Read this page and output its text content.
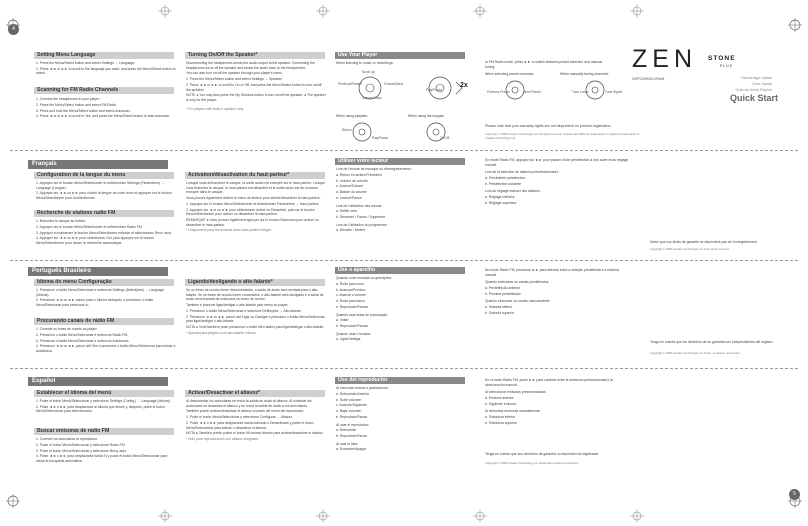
4
5
Setting Menu Language

1. Press the Menu/Select button and select Settings → Language.

2. Press ◄◄ or ►► to scroll to the language you want, and press the Menu/Select button to select.

Scanning for FM Radio Channels

1. Connect the headphones to your player.

2. Press the Menu/Select button and select FM Radio.

3. Press and hold the Menu/Select button and select Autoscan.

4. Press ◄◄ or ►► to scroll to Yes, and press the Menu/Select button to start autoscan.

Turning On/Off the Speaker*

Disconnecting the headphones sends the audio output to the speaker. Connecting the headphones turns off the speaker and sends the audio back to the headphones.

You can also turn on/off the speaker through your player's menu.

1. Press the Menu/Select button and select Settings → Speaker.

2. Press ◄◄ or ►► to scroll to On or Off, and press the Menu/Select button to turn on/off the speaker.

NOTE ● You may also press the My Shortcut button to turn on/off the speaker. ● The speaker is only for the player.

* For players with built-in speaker only.

Use Your Player
When listening to music or recordings:
Scroll Up
Forward/Next
Volume Down
Previous/Rewind
Play/Pause
2x
When using playlists:	When using the keypad:
Return
Play/Pause	On/Off
In FM Radio mode, press ►► to switch between preset selection and manual tuning.
When selecting preset channels:	When manually tuning channels:
Previous Preset	Next Preset	Tune Lower	Tune Higher
Please note that your warranty rights are not dependent on product registration.
Copyright © 2008 Creative Technology Ltd. All rights reserved. Creative and ZEN are trademarks or registered trademarks of Creative Technology Ltd.
ZEN STONE
PLUS
03PF3209000-0Rev8	Démarrage rapide
Guía rápida
Guia de Início Rápido
Quick Start
Français
Configuration de la langue du menu

1. Appuyez sur le bouton Menu/Sélectionner et sélectionnez Settings (Paramètres) → Language (Langue).

2. Appuyez sur ◄◄ ou ►► pour choisir la langue de votre choix et appuyez sur le bouton Menu/Sélectionner pour la sélectionner.

Recherche de stations radio FM

1. Branchez le casque au lecteur.

2. Appuyez sur le bouton Menu/Sélectionner et sélectionnez Radio FM.

3. Appuyez et maintenez le bouton Menu/Sélectionner enfoncé et sélectionnez Rech. auto.

4. Appuyez sur ◄◄ ou ►► pour sélectionner Oui, puis appuyez sur le bouton Menu/Sélectionner pour lancer la recherche automatique.

Activation/désactivation du haut-parleur*

Lorsque vous débranchez le casque, la sortie audio est envoyée sur le haut-parleur. Lorsque vous branchez le casque, le haut-parleur est désactivé et la sortie audio est de nouveau envoyée dans le casque.

Vous pouvez également activer le menu du lecteur pour activer/désactiver le haut-parleur.

1. Appuyez sur le bouton Menu/Sélectionner et sélectionnez Paramètres → Haut-parleur.

2. Appuyez sur ◄◄ ou ►► pour sélectionner Activé ou Désactivé, puis sur le bouton Menu/Sélectionner pour activer ou désactiver le haut-parleur.

REMARQUE ● Vous pouvez également appuyer sur le bouton Raccourci pour activer ou désactiver le haut-parleur.

* Uniquement pour les lecteurs avec haut-parleur intégré.

Utiliser votre lecteur

Lors de l'écoute de musique ou d'enregistrements :

a. Retour en arrière/Précédent

b. Volume de volume

c. Avance/Suivant

d. Baisse du volume

e. Lecture/Pause

Lors de l'utilisation des menus :

a. Défiler vers

b. Démarrer / Pause / Supprimer

Lors de l'utilisation du programme :

a. Dévoiler / Arrêter

En mode Radio FM, appuyez sur ►► pour passer d'une présélection à une autre et au réglage manuel.

Lors de la sélection de stations présélectionnées :

a. Précédente présélection

b. Présélection suivante

Lors du réglage manuel des stations :

a. Réglage inférieur

b. Réglage supérieur

Notez que vos droits de garantie ne dépendent pas de l'enregistrement.
Copyright © 2008 Creative Technology Ltd. Tous droits réservés.
Português Brasileiro
Idioma do menu Configuração

1. Pressione o botão Menu/Selecionar e selecione Settings (Definições) → Language (Idioma).

2. Pressione ◄◄ ou ►► para ir para o idioma desejado, e pressione o botão Menu/Selecionar para selecioná-lo.

Procurando canais de rádio FM

1. Conecte os fones de ouvido ao player.

2. Pressione o botão Menu/Selecionar e selecione Rádio FM.

3. Pressione o botão Menu/Selecionar e selecione Autobusca.

4. Pressione ◄◄ ou ►► para ir até Sim e pressione o botão Menu/Selecionar para iniciar a autobusca.

Ligando/desligando o alto-falante*

Se os fones de ouvido forem desconectados, a saída de áudio será enviada para o alto-falante. Se os fones de ouvido forem conectados, o alto-falante será desligado e a saída de áudio será enviada de volta para os fones de ouvido.

Também é possível ligar/desligar o alto-falante pelo menu do player.

1. Pressione o botão Menu/Selecionar e selecione Definições → Alto-falante.

2. Pressione ◄◄ ou ►► para ir até Ligar ou Desligar e pressione o botão Menu/Selecionar para ligar/desligar o alto-falante.

NOTA ● Você também pode pressionar o botão Meu atalho para ligar/desligar o alto-falante.

* Apenas para players com alto-falante interno.

Use o aparelho

Quando ouvir músicas ou gravações:

a. Rolar para cima

b. Avançar/Próximo

c. Abaixar o volume

d. Rolar para baixo

e. Reproduzir/Pausar

Quando usar listas de reprodução:

a. Voltar

b. Reproduzir/Pausar

Quando usar o teclado:

a. Ligar/Desligar

No modo Rádio FM, pressione ►► para alternar entre a seleção predefinida e a sintonia manual.

Quando selecionar os canais predefinidos:

a. Predefinição anterior

b. Próxima predefinição

Quando sintonizar os canais manualmente:

a. Sintonia inferior

b. Sintonia superior

Tenga en cuenta que los derechos de su garantía son independientes del registro.
Copyright © 2008 Creative Technology Ltd. Todos os direitos reservados.
Español
Establecer el idioma del menú

1. Pulse el botón Menú/Seleccionar y seleccione Settings (Config.) → Language (Idioma).

2. Pulse ◄◄ o ►► para desplazarse al idioma que desee y, después, pulse el botón Menú/Seleccionar para seleccionarlo.

Buscar emisoras de radio FM

1. Conecte los auriculares al reproductor.

2. Pulse el botón Menú/Seleccionar y seleccione Radio FM.

3. Pulse el botón Menú/Seleccionar y seleccione Búsq. auto.

4. Pulse ◄◄ o ►► para desplazarse hasta Sí y pulse el botón Menú/Seleccionar para iniciar la búsqueda automática.

Activar/Desactivar el altavoz*

Al desconectar los auriculares se envía la salida de audio al altavoz. Al conectar los auriculares se desactiva el altavoz y se envía la salida de audio a los auriculares.

También puede activar/desactivar el altavoz a través del menú del reproductor.

1. Pulse el botón Menú/Seleccionar y seleccione Configurar → Altavoz.

2. Pulse ◄◄ o ►► para desplazarse hasta Activado o Desactivado y pulse el botón Menú/Seleccionar para activar o desactivar el altavoz.

NOTA ● También puede pulsar el botón Mi acceso directo para activar/desactivar el altavoz.

* Sólo para reproductores con altavoz integrado.

Uso del reproductor

Al escuchar música o grabaciones:

a. Retroceder/Anterior

b. Subir volumen

c. Avanzar/Siguiente

d. Bajar volumen

e. Reproducir/Pausa

Al usar el reproductor:

a. Retroceder

b. Reproducir/Pausa

Al usar la lista:

a. Encender/Apagar

En el modo Radio FM, pulse ►► para cambiar entre la selección presintonizada y la sintonización manual.

Al seleccionar emisoras presintonizadas:

a. Emisora anterior

b. Siguiente emisora

Al sintonizar emisoras manualmente:

a. Sintonizar inferior

b. Sintonizar superior

Tenga en cuenta que sus derechos de garantía no dependen de registrarse.
Copyright © 2008 Creative Technology Ltd. Reservados todos los derechos.
